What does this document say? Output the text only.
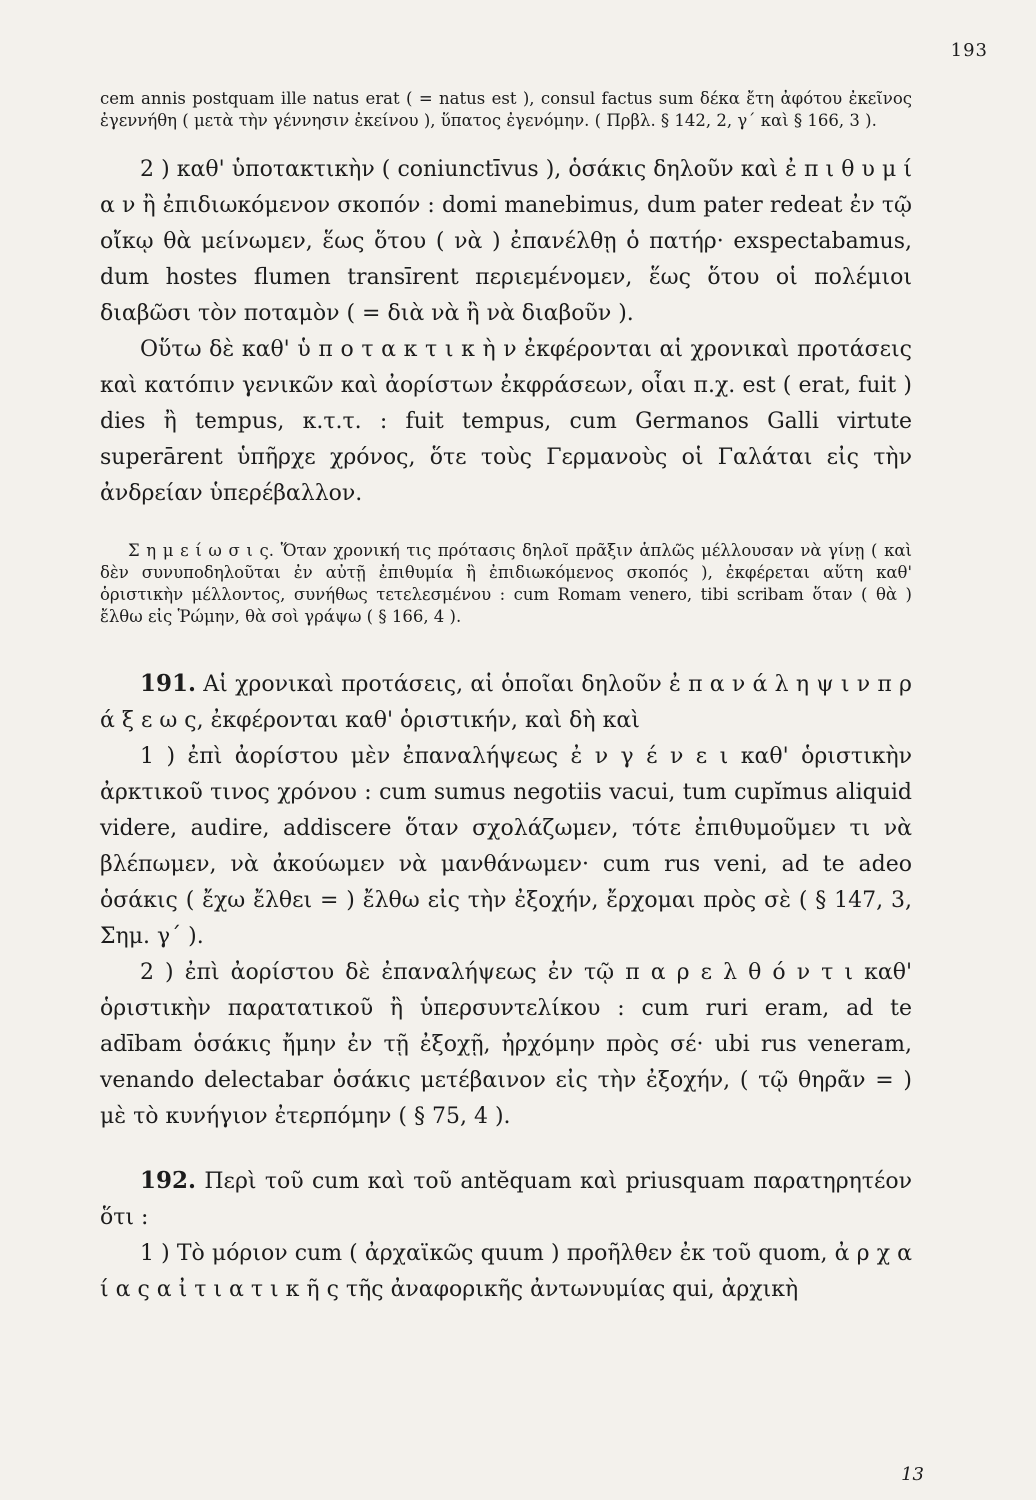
193

cem annis postquam ille natus erat ( = natus est ), consul factus sum δέκα ἔτη ἀφότου ἐκεῖνος ἐγεννήθη ( μετὰ τὴν γέννησιν ἐκείνου ), ὕπατος ἐγενόμην. ( Πρβλ. § 142, 2, γ΄ καὶ § 166, 3 ).

2 ) καθ' ὑποτακτικὴν ( coniunctīvus ), ὁσάκις δηλοῦν καὶ ἐ π ι θ υ μ ί α ν ἢ ἐπιδιωκόμενον σκοπόν : domi manebimus, dum pater redeat ἐν τῷ οἴκῳ θὰ μείνωμεν, ἕως ὅτου ( νὰ ) ἐπανέλθῃ ὁ πατήρ· exspectabamus, dum hostes flumen transīrent περιεμένομεν, ἕως ὅτου οἱ πολέμιοι διαβῶσι τὸν ποταμὸν ( = διὰ νὰ ἢ νὰ διαβοῦν ).

Οὕτω δὲ καθ' ὑ π ο τ α κ τ ι κ ὴ ν ἐκφέρονται αἱ χρονικαὶ προτάσεις καὶ κατόπιν γενικῶν καὶ ἀορίστων ἐκφράσεων, οἷαι π.χ. est ( erat, fuit ) dies ἢ tempus, κ.τ.τ. : fuit tempus, cum Germanos Galli virtute superārent ὑπῆρχε χρόνος, ὅτε τοὺς Γερμανοὺς οἱ Γαλάται εἰς τὴν ἀνδρείαν ὑπερέβαλλον.

Σ η μ ε ί ω σ ι ς. Ὅταν χρονική τις πρότασις δηλοῖ πρᾶξιν ἁπλῶς μέλλουσαν νὰ γίνῃ ( καὶ δὲν συνυποδηλοῦται ἐν αὐτῇ ἐπιθυμία ἢ ἐπιδιωκόμενος σκοπός ), ἐκφέρεται αὕτη καθ' ὁριστικὴν μέλλοντος, συνήθως τετελεσμένου : cum Romam venero, tibi scribam ὅταν ( θὰ ) ἔλθω εἰς Ῥώμην, θὰ σοὶ γράψω ( § 166, 4 ).

191. Αἱ χρονικαὶ προτάσεις, αἱ ὁποῖαι δηλοῦν ἐ π α ν ά λ η ψ ι ν π ρ ά ξ ε ω ς, ἐκφέρονται καθ' ὁριστικήν, καὶ δὴ καὶ

1 ) ἐπὶ ἀορίστου μὲν ἐπαναλήψεως ἐ ν γ έ ν ε ι καθ' ὁριστικὴν ἀρκτικοῦ τινος χρόνου : cum sumus negotiis vacui, tum cupĭmus aliquid videre, audire, addiscere ὅταν σχολάζωμεν, τότε ἐπιθυμοῦμεν τι νὰ βλέπωμεν, νὰ ἀκούωμεν νὰ μανθάνωμεν· cum rus veni, ad te adeo ὁσάκις ( ἔχω ἔλθει = ) ἔλθω εἰς τὴν ἐξοχήν, ἔρχομαι πρὸς σὲ ( § 147, 3, Σημ. γ΄ ).

2 ) ἐπὶ ἀορίστου δὲ ἐπαναλήψεως ἐν τῷ π α ρ ε λ θ ό ν τ ι καθ' ὁριστικὴν παρατατικοῦ ἢ ὑπερσυντελίκου : cum ruri eram, ad te adībam ὁσάκις ἤμην ἐν τῇ ἐξοχῇ, ἠρχόμην πρὸς σέ· ubi rus veneram, venando delectabar ὁσάκις μετέβαινον εἰς τὴν ἐξοχήν, ( τῷ θηρᾶν = ) μὲ τὸ κυνήγιον ἐτερπόμην ( § 75, 4 ).

192. Περὶ τοῦ cum καὶ τοῦ antĕquam καὶ priusquam παρατηρητέον ὅτι :

1 ) Τὸ μόριον cum ( ἀρχαϊκῶς quum ) προῆλθεν ἐκ τοῦ quom, ἀ ρ χ α ί α ς α ἰ τ ι α τ ι κ ῆ ς τῆς ἀναφορικῆς ἀντωνυμίας qui, ἀρχικὴ

13
